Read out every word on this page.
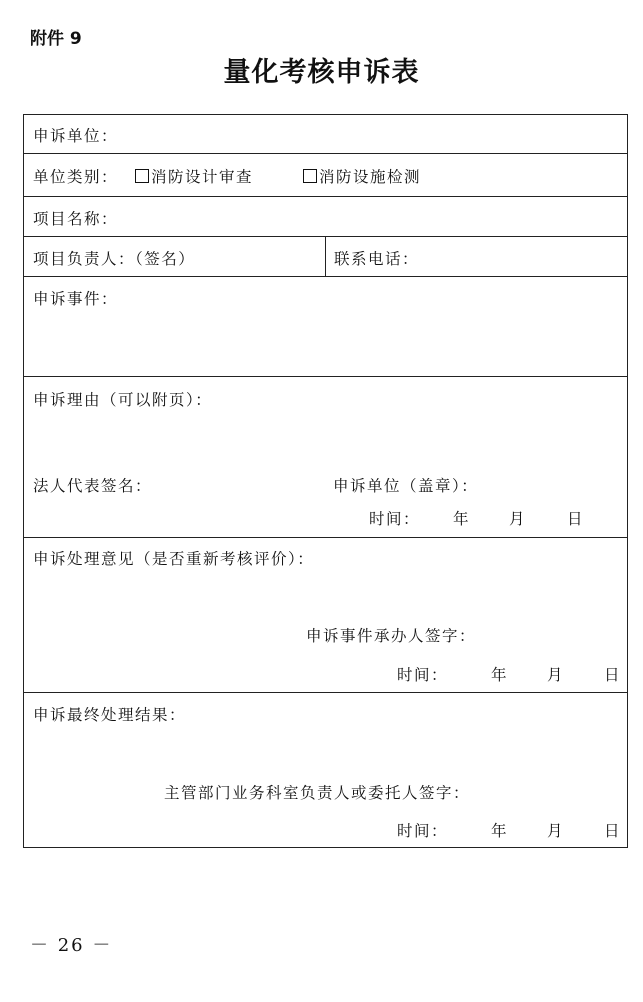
附件 9
量化考核申诉表
申诉单位：
单位类别：	消防设计审查	消防设施检测
项目名称：
项目负责人：（签名）	联系电话：
申诉事件：
申诉理由（可以附页）：
法人代表签名：	申诉单位（盖章）：
时间： 年	月	日
申诉处理意见（是否重新考核评价）：
申诉事件承办人签字：
时间：	年	月	日
申诉最终处理结果：
主管部门业务科室负责人或委托人签字：
时间：	年	月	日
－ 26 －
